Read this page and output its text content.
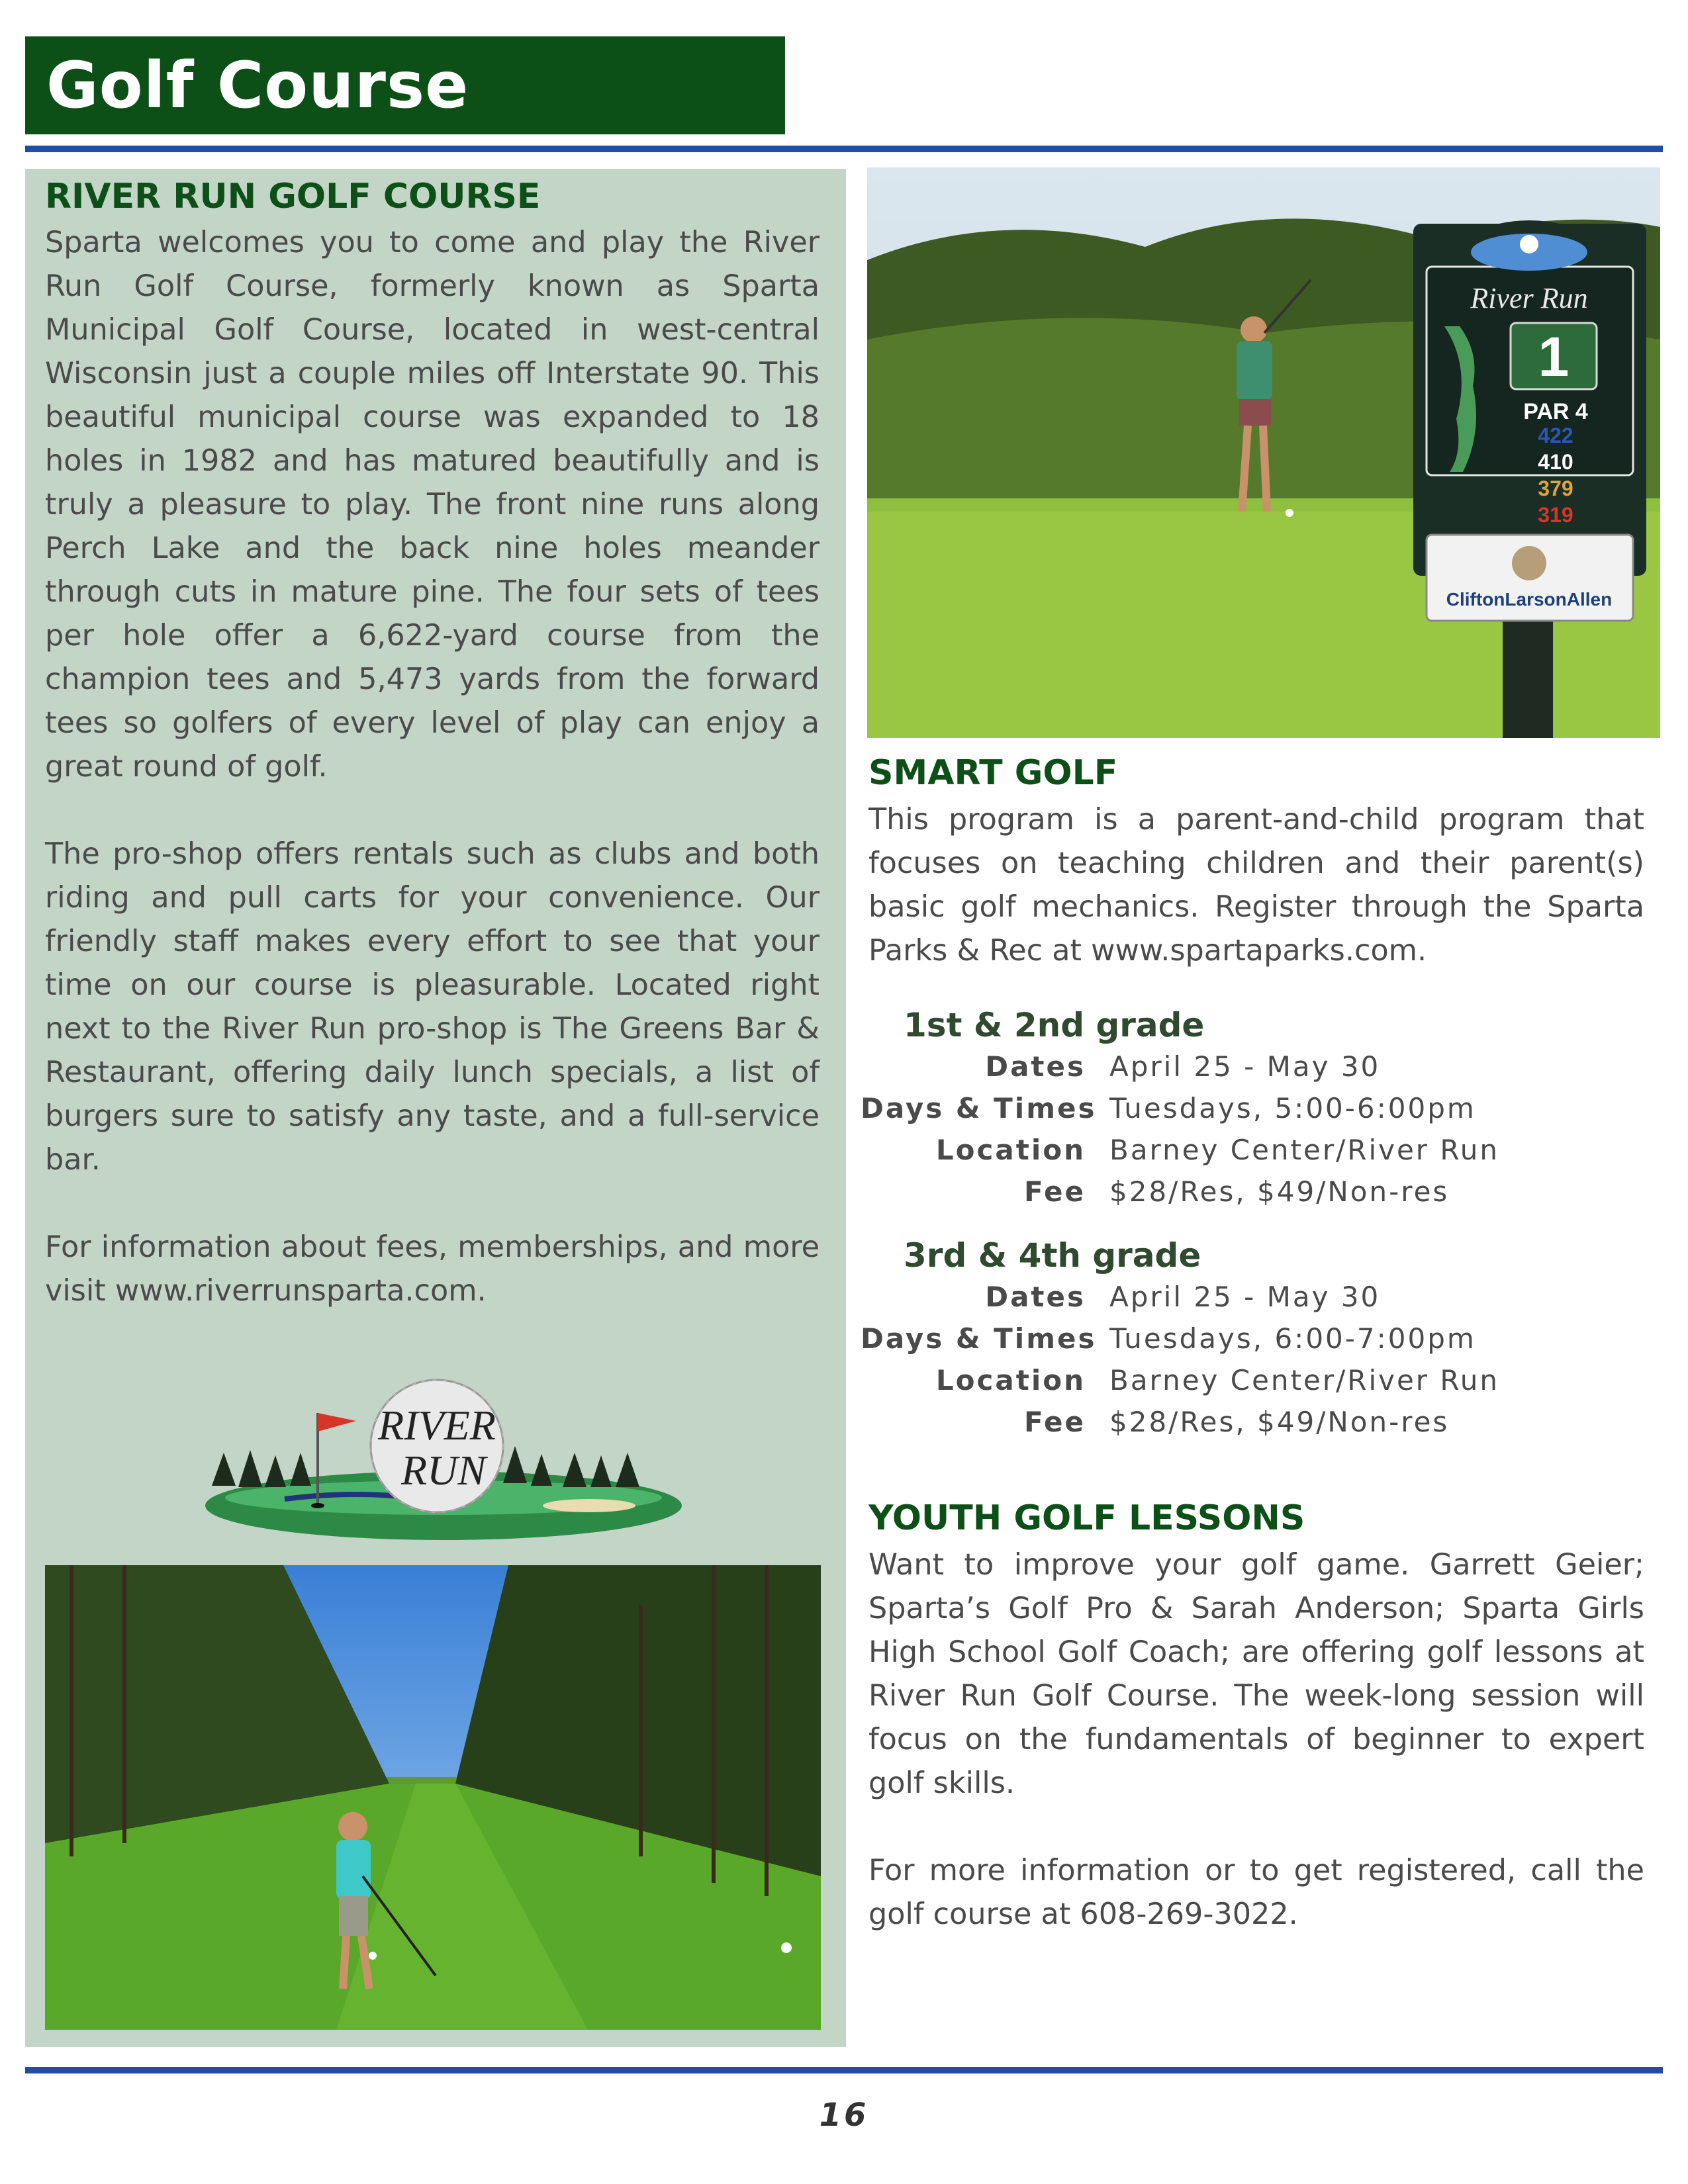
Golf Course
RIVER RUN GOLF COURSE

Sparta welcomes you to come and play the River Run Golf Course, formerly known as Sparta Municipal Golf Course, located in west-central Wisconsin just a couple miles off Interstate 90. This beautiful municipal course was expanded to 18 holes in 1982 and has matured beautifully and is truly a pleasure to play. The front nine runs along Perch Lake and the back nine holes meander through cuts in mature pine. The four sets of tees per hole offer a 6,622-yard course from the champion tees and 5,473 yards from the forward tees so golfers of every level of play can enjoy a great round of golf.

The pro-shop offers rentals such as clubs and both riding and pull carts for your convenience. Our friendly staff makes every effort to see that your time on our course is pleasurable. Located right next to the River Run pro-shop is The Greens Bar & Restaurant, offering daily lunch specials, a list of burgers sure to satisfy any taste, and a full-service bar.

For information about fees, memberships, and more visit www.riverrunsparta.com.

RIVER
RUN
River Run
1
PAR 4
422
410
379
319
CliftonLarsonAllen
SMART GOLF

This program is a parent-and-child program that focuses on teaching children and their parent(s) basic golf mechanics. Register through the Sparta Parks & Rec at www.spartaparks.com.

1st & 2nd grade
Dates April 25 - May 30
Days & Times Tuesdays, 5:00-6:00pm
Location Barney Center/River Run
Fee $28/Res, $49/Non-res
3rd & 4th grade
Dates April 25 - May 30
Days & Times Tuesdays, 6:00-7:00pm
Location Barney Center/River Run
Fee $28/Res, $49/Non-res
YOUTH GOLF LESSONS

Want to improve your golf game. Garrett Geier; Sparta’s Golf Pro & Sarah Anderson; Sparta Girls High School Golf Coach; are offering golf lessons at River Run Golf Course. The week-long session will focus on the fundamentals of beginner to expert golf skills.

For more information or to get registered, call the golf course at 608-269-3022.

16
